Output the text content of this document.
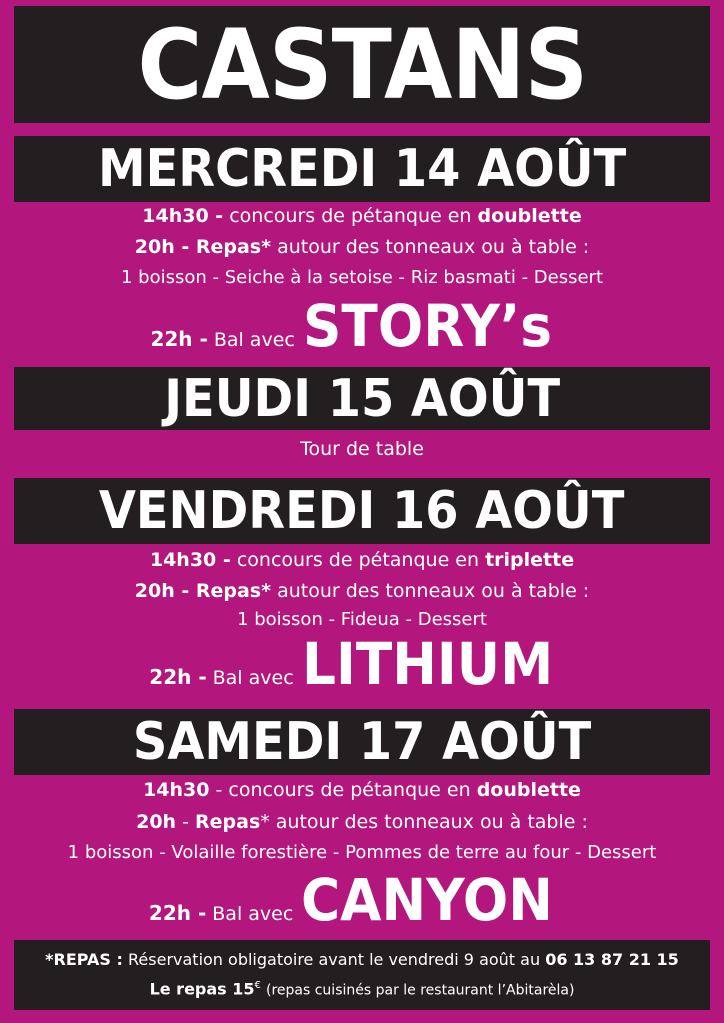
CASTANS
MERCREDI 14 AOÛT
14h30 - concours de pétanque en doublette
20h - Repas* autour des tonneaux ou à table :
1 boisson - Seiche à la setoise - Riz basmati - Dessert
22h - Bal avec STORY’s
JEUDI 15 AOÛT
Tour de table
VENDREDI 16 AOÛT
14h30 - concours de pétanque en triplette
20h - Repas* autour des tonneaux ou à table :
1 boisson - Fideua - Dessert
22h - Bal avec LITHIUM
SAMEDI 17 AOÛT
14h30 - concours de pétanque en doublette
20h - Repas* autour des tonneaux ou à table :
1 boisson - Volaille forestière - Pommes de terre au four - Dessert
22h - Bal avec CANYON
*REPAS : Réservation obligatoire avant le vendredi 9 août au 06 13 87 21 15
Le repas 15€ (repas cuisinés par le restaurant l’Abitarèla)
